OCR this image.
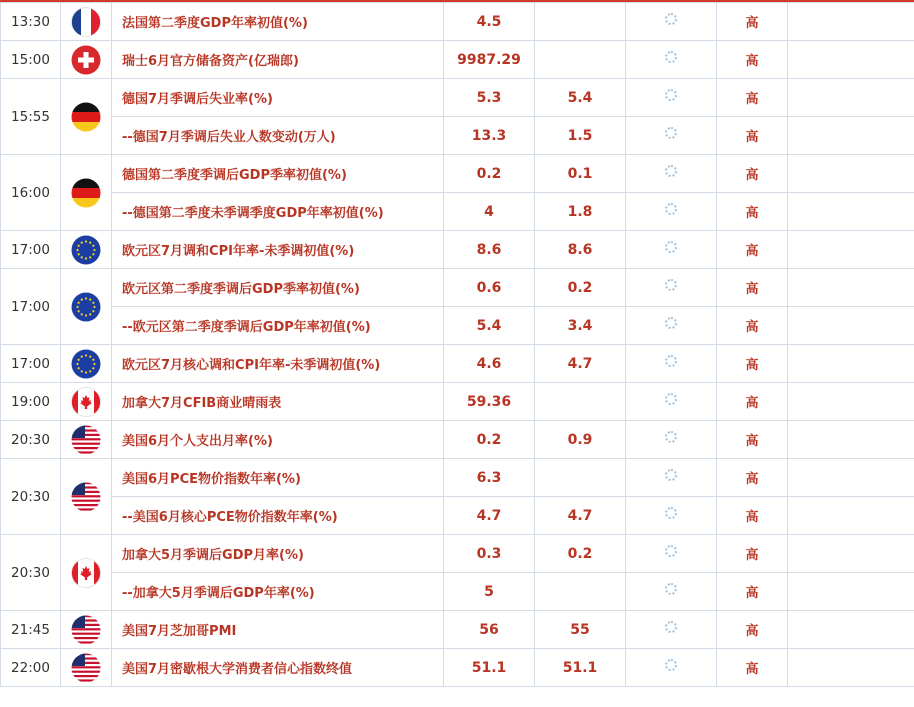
13:30		法国第二季度GDP年率初值(%)	4.5			高	
15:00		瑞士6月官方储备资产(亿瑞郎)	9987.29			高	
15:55		德国7月季调后失业率(%)	5.3	5.4		高	
		--德国7月季调后失业人数变动(万人)	13.3	1.5		高	
16:00		德国第二季度季调后GDP季率初值(%)	0.2	0.1		高	
		--德国第二季度未季调季度GDP年率初值(%)	4	1.8		高	
17:00		欧元区7月调和CPI年率-未季调初值(%)	8.6	8.6		高	
17:00		欧元区第二季度季调后GDP季率初值(%)	0.6	0.2		高	
		--欧元区第二季度季调后GDP年率初值(%)	5.4	3.4		高	
17:00		欧元区7月核心调和CPI年率-未季调初值(%)	4.6	4.7		高	
19:00		加拿大7月CFIB商业晴雨表	59.36			高	
20:30		美国6月个人支出月率(%)	0.2	0.9		高	
20:30		美国6月PCE物价指数年率(%)	6.3			高	
		--美国6月核心PCE物价指数年率(%)	4.7	4.7		高	
20:30		加拿大5月季调后GDP月率(%)	0.3	0.2		高	
		--加拿大5月季调后GDP年率(%)	5			高	
21:45		美国7月芝加哥PMI	56	55		高	
22:00		美国7月密歇根大学消费者信心指数终值	51.1	51.1		高	
